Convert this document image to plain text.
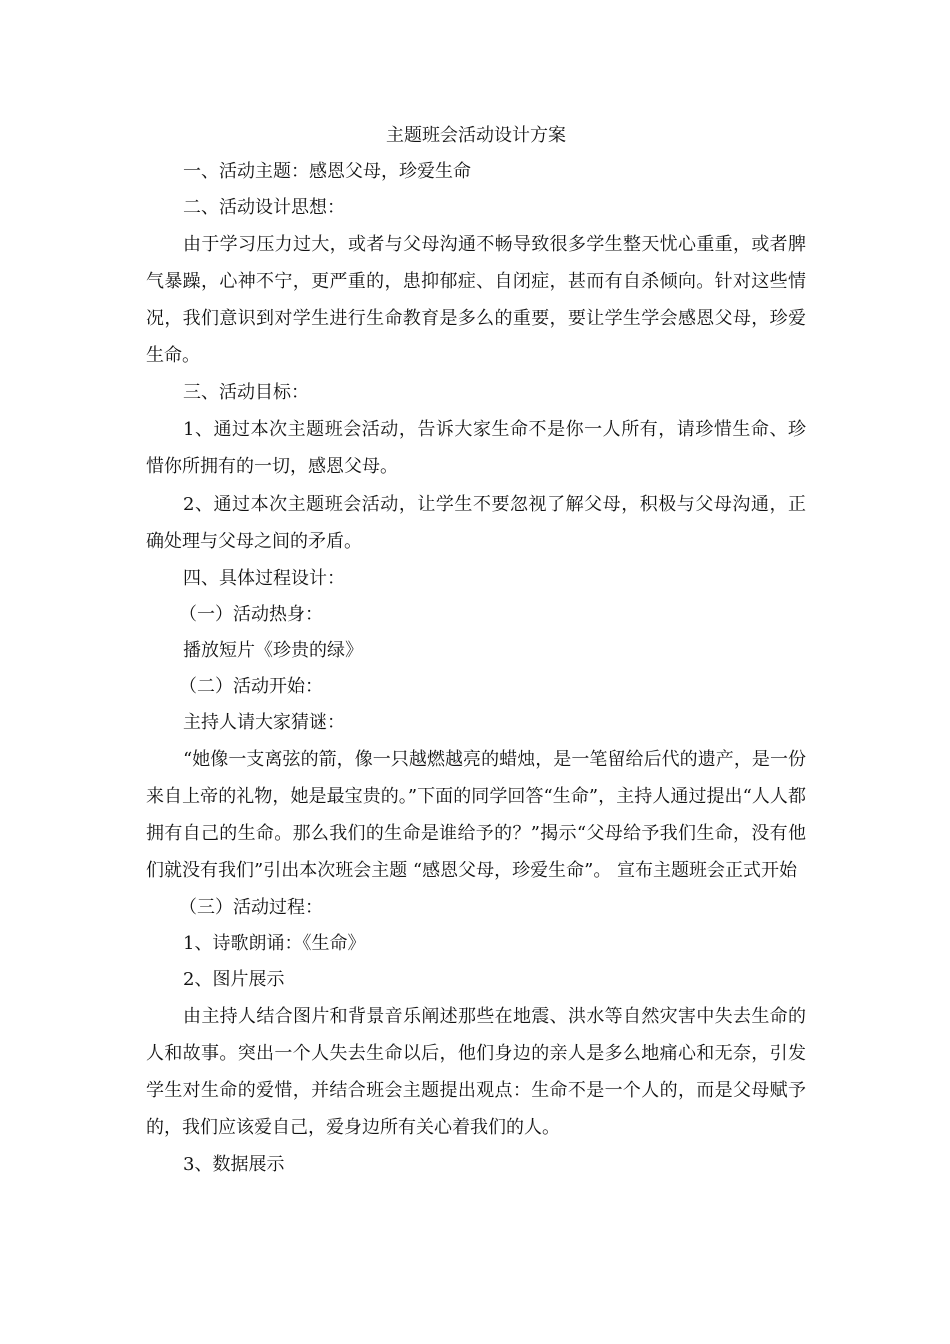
主题班会活动设计方案

一、活动主题：感恩父母，珍爱生命

二、活动设计思想：

由于学习压力过大，或者与父母沟通不畅导致很多学生整天忧心重重，或者脾气暴躁，心神不宁，更严重的，患抑郁症、自闭症，甚而有自杀倾向。针对这些情况，我们意识到对学生进行生命教育是多么的重要，要让学生学会感恩父母，珍爱生命。

三、活动目标：

1、通过本次主题班会活动，告诉大家生命不是你一人所有，请珍惜生命、珍惜你所拥有的一切，感恩父母。

2、通过本次主题班会活动，让学生不要忽视了解父母，积极与父母沟通，正确处理与父母之间的矛盾。

四、具体过程设计：

（一）活动热身：

播放短片《珍贵的绿》

（二）活动开始：

主持人请大家猜谜：

“她像一支离弦的箭，像一只越燃越亮的蜡烛，是一笔留给后代的遗产，是一份来自上帝的礼物，她是最宝贵的。”下面的同学回答“生命”，主持人通过提出“人人都拥有自己的生命。那么我们的生命是谁给予的？”揭示“父母给予我们生命，没有他们就没有我们”引出本次班会主题 “感恩父母，珍爱生命”。 宣布主题班会正式开始

（三）活动过程：

1、诗歌朗诵：《生命》

2、图片展示

由主持人结合图片和背景音乐阐述那些在地震、洪水等自然灾害中失去生命的人和故事。突出一个人失去生命以后，他们身边的亲人是多么地痛心和无奈，引发学生对生命的爱惜，并结合班会主题提出观点：生命不是一个人的，而是父母赋予的，我们应该爱自己，爱身边所有关心着我们的人。

3、数据展示
